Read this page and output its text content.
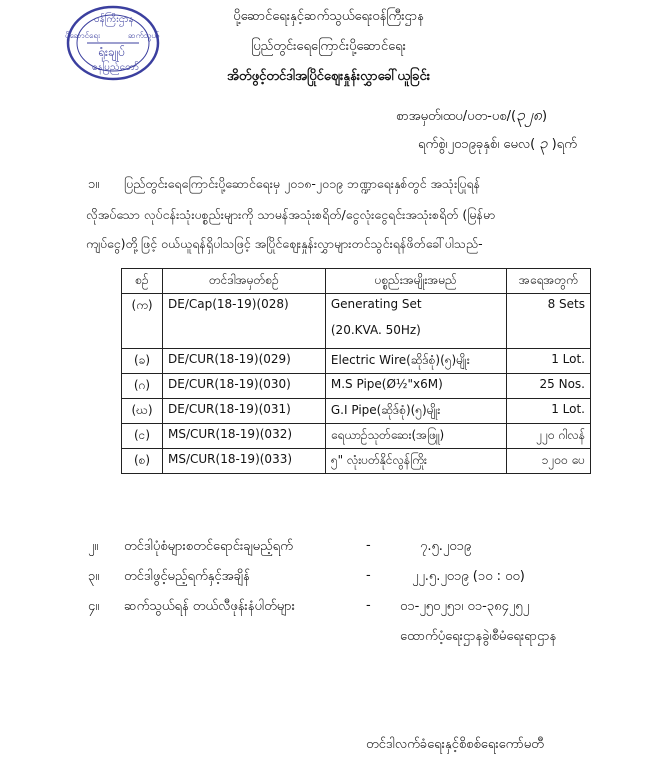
ဝန်ကြီးဌာန
ရုံးချုပ်
နေပြည်တော်
ပို့ဆောင်ရေး	ဆက်သွယ်
ပို့ဆောင်ရေးနှင့်ဆက်သွယ်ရေးဝန်ကြီးဌာန
ပြည်တွင်းရေကြောင်းပို့ဆောင်ရေး
အိတ်ဖွင့်တင်ဒါအပြိုင်ဈေးနှုန်းလွှာခေါ်ယူခြင်း
စာအမှတ်၊ထပ/ပတ-ပစ/(၃၂၈)
ရက်စွဲ၊၂၀၁၉ခုနှစ်၊ မေလ( ၃ )ရက်
၁။ ပြည်တွင်းရေကြောင်းပို့ဆောင်ရေးမှ ၂၀၁၈-၂၀၁၉ ဘဏ္ဍာရေးနှစ်တွင် အသုံးပြုရန်
လိုအပ်သော လုပ်ငန်းသုံးပစ္စည်းများကို သာမန်အသုံးစရိတ်/ငွေလုံးငွေရင်းအသုံးစရိတ် (မြန်မာ
ကျပ်ငွေ)တို့ဖြင့် ဝယ်ယူရန်ရှိပါသဖြင့် အပြိုင်ဈေးနှုန်းလွှာများတင်သွင်းရန်ဖိတ်ခေါ်ပါသည်-
စဉ်	တင်ဒါအမှတ်စဉ်	ပစ္စည်းအမျိုးအမည်	အရေအတွက်
(က)	DE/Cap(18-19)(028)	Generating Set
(20.KVA. 50Hz)	8 Sets
(ခ)	DE/CUR(18-19)(029)	Electric Wire(ဆိုဒ်စုံ)(၅)မျိုး	1 Lot.
(ဂ)	DE/CUR(18-19)(030)	M.S Pipe(Ø½"x6M)	25 Nos.
(ဃ)	DE/CUR(18-19)(031)	G.I Pipe(ဆိုဒ်စုံ)(၅)မျိုး	1 Lot.
(င)	MS/CUR(18-19)(032)	ရေယာဉ်သုတ်ဆေး(အဖြူ)	၂၂၀ ဂါလန်
(စ)	MS/CUR(18-19)(033)	၅" လုံးပတ်နိုင်လွန်ကြိုး	၁၂၀၀ ပေ
၂။ တင်ဒါပုံစံများစတင်ရောင်းချမည့်ရက်	-	၇.၅.၂၀၁၉
၃။ တင်ဒါဖွင့်မည့်ရက်နှင့်အချိန်	-	၂၂.၅.၂၀၁၉ (၁၀ : ၀၀)
၄။ ဆက်သွယ်ရန် တယ်လီဖုန်းနံပါတ်များ	- ၀၁-၂၅၀၂၅၁၊ ၀၁-၃၈၄၂၅၂
ထောက်ပံ့ရေးဌာနခွဲ၊စီမံရေးရာဌာန
တင်ဒါလက်ခံရေးနှင့်စိစစ်ရေးကော်မတီ
